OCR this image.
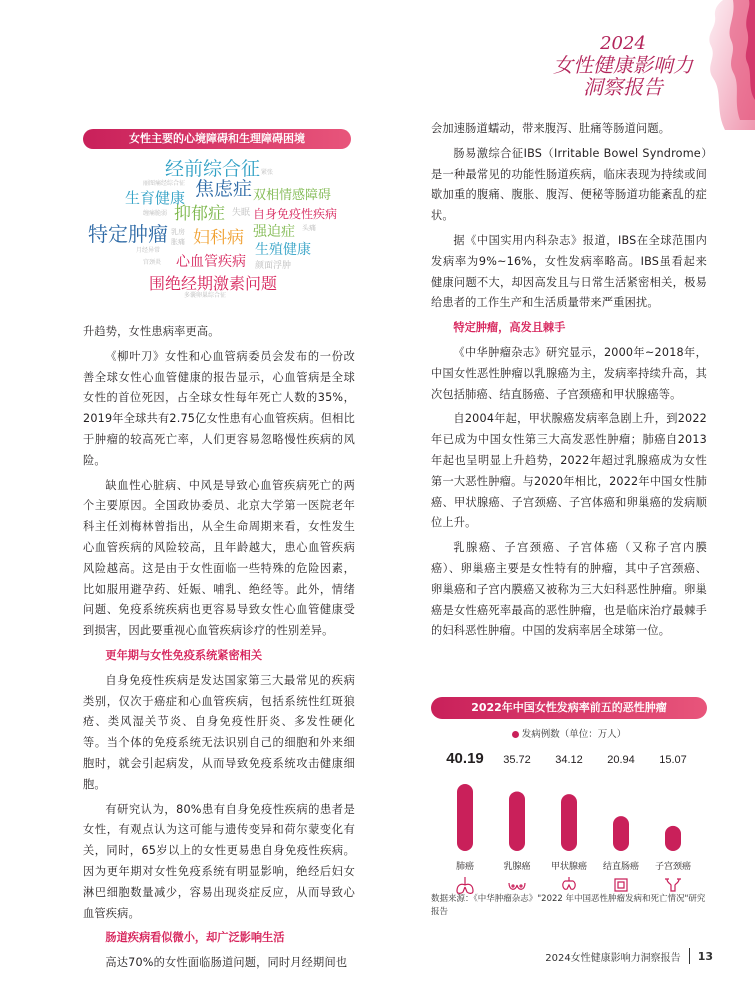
2024
女性健康影响力
洞察报告
女性主要的心境障碍和生理障碍困境
经前综合征 紧张
丽图痛经综合征 焦虑症
生育健康	双相情感障碍
抑郁症
缠痛脆弱	失眠 自身免疫性疾病
特定肿瘤 乳房
胀痛 妇科病 强迫症 头痛
月经异常	生殖健康
宫颈炎 心血管疾病 颜面浮肿
围绝经期激素问题
多囊卵巢综合征

升趋势，女性患病率更高。

《柳叶刀》女性和心血管病委员会发布的一份改善全球女性心血管健康的报告显示，心血管病是全球女性的首位死因，占全球女性每年死亡人数的35%，2019年全球共有2.75亿女性患有心血管疾病。但相比于肿瘤的较高死亡率，人们更容易忽略慢性疾病的风险。

缺血性心脏病、中风是导致心血管疾病死亡的两个主要原因。全国政协委员、北京大学第一医院老年科主任刘梅林曾指出，从全生命周期来看，女性发生心血管疾病的风险较高，且年龄越大，患心血管疾病风险越高。这是由于女性面临一些特殊的危险因素，比如服用避孕药、妊娠、哺乳、绝经等。此外，情绪问题、免疫系统疾病也更容易导致女性心血管健康受到损害，因此要重视心血管疾病诊疗的性别差异。

更年期与女性免疫系统紧密相关

自身免疫性疾病是发达国家第三大最常见的疾病类别，仅次于癌症和心血管疾病，包括系统性红斑狼疮、类风湿关节炎、自身免疫性肝炎、多发性硬化等。当个体的免疫系统无法识别自己的细胞和外来细胞时，就会引起病发，从而导致免疫系统攻击健康细胞。

有研究认为，80%患有自身免疫性疾病的患者是女性，有观点认为这可能与遗传变异和荷尔蒙变化有关，同时，65岁以上的女性更易患自身免疫性疾病。因为更年期对女性免疫系统有明显影响，绝经后妇女淋巴细胞数量减少，容易出现炎症反应，从而导致心血管疾病。

肠道疾病看似微小，却广泛影响生活

高达70%的女性面临肠道问题，同时月经期间也

会加速肠道蠕动，带来腹泻、肚痛等肠道问题。

肠易激综合征IBS（Irritable Bowel Syndrome）是一种最常见的功能性肠道疾病，临床表现为持续或间歇加重的腹痛、腹胀、腹泻、便秘等肠道功能紊乱的症状。

据《中国实用内科杂志》报道，IBS在全球范围内发病率为9%~16%，女性发病率略高。IBS虽看起来健康问题不大，却因高发且与日常生活紧密相关，极易给患者的工作生产和生活质量带来严重困扰。

特定肿瘤，高发且棘手

《中华肿瘤杂志》研究显示，2000年~2018年，中国女性恶性肿瘤以乳腺癌为主，发病率持续升高，其次包括肺癌、结直肠癌、子宫颈癌和甲状腺癌等。

自2004年起，甲状腺癌发病率急剧上升，到2022年已成为中国女性第三大高发恶性肿瘤；肺癌自2013年起也呈明显上升趋势，2022年超过乳腺癌成为女性第一大恶性肿瘤。与2020年相比，2022年中国女性肺癌、甲状腺癌、子宫颈癌、子宫体癌和卵巢癌的发病顺位上升。

乳腺癌、子宫颈癌、子宫体癌（又称子宫内膜癌）、卵巢癌主要是女性特有的肿瘤，其中子宫颈癌、卵巢癌和子宫内膜癌又被称为三大妇科恶性肿瘤。卵巢癌是女性癌死率最高的恶性肿瘤，也是临床治疗最棘手的妇科恶性肿瘤。中国的发病率居全球第一位。

2022年中国女性发病率前五的恶性肿瘤
发病例数（单位：万人）
40.19
肺癌
35.72
乳腺癌
34.12
甲状腺癌
20.94
结直肠癌
15.07
子宫颈癌
数据来源：《中华肿瘤杂志》"2022 年中国恶性肿瘤发病和死亡情况"研究报告
2024女性健康影响力洞察报告 13
